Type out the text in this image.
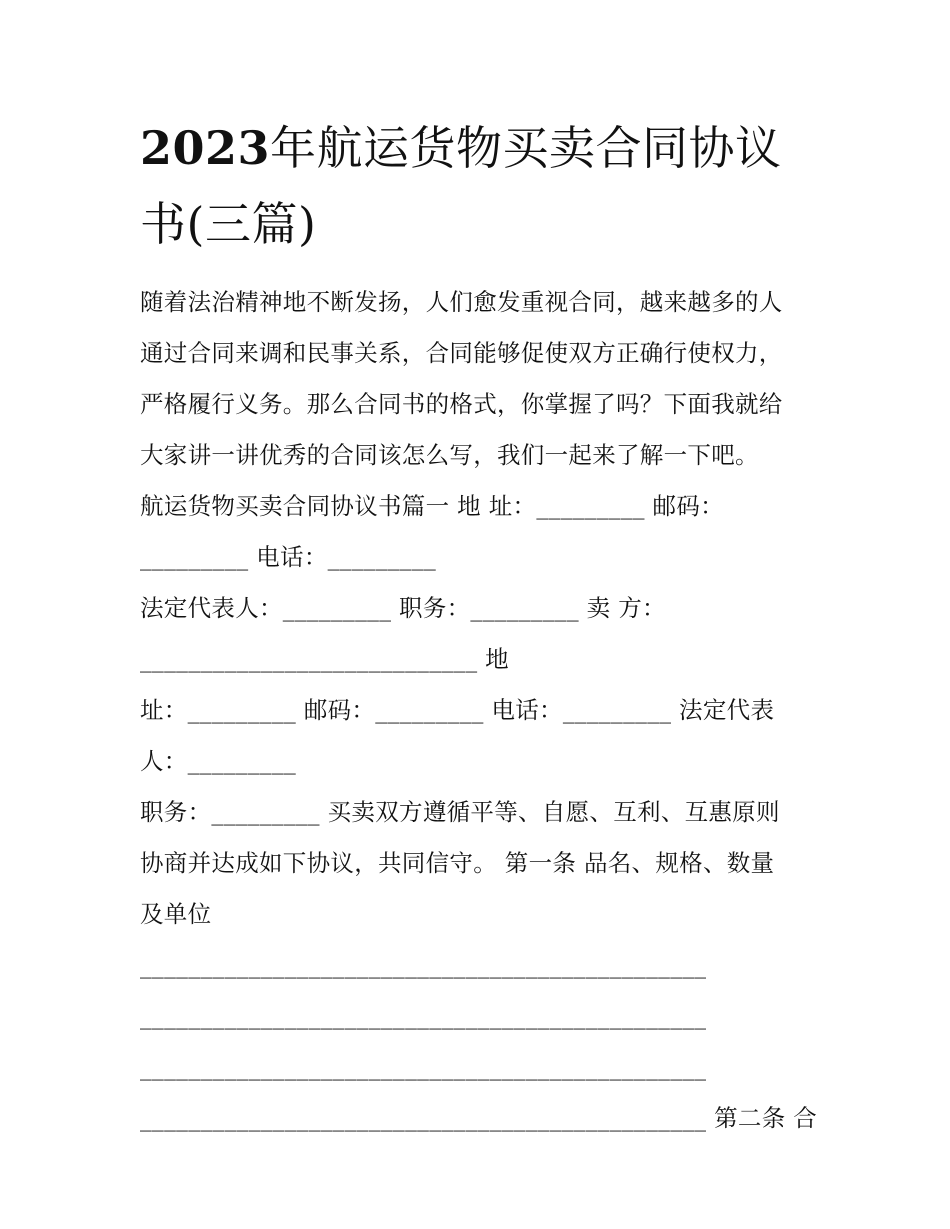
2023年航运货物买卖合同协议
书(三篇)
随着法治精神地不断发扬，人们愈发重视合同，越来越多的人
通过合同来调和民事关系，合同能够促使双方正确行使权力，
严格履行义务。那么合同书的格式，你掌握了吗？下面我就给
大家讲一讲优秀的合同该怎么写，我们一起来了解一下吧。
航运货物买卖合同协议书篇一 地 址：_________ 邮码：
_________ 电话：_________
法定代表人：_________ 职务：_________ 卖 方：
____________________________ 地
址：_________ 邮码：_________ 电话：_________ 法定代表
人：_________
职务：_________ 买卖双方遵循平等、自愿、互利、互惠原则
协商并达成如下协议，共同信守。 第一条 品名、规格、数量
及单位
_______________________________________________
_______________________________________________
_______________________________________________
_______________________________________________ 第二条 合
